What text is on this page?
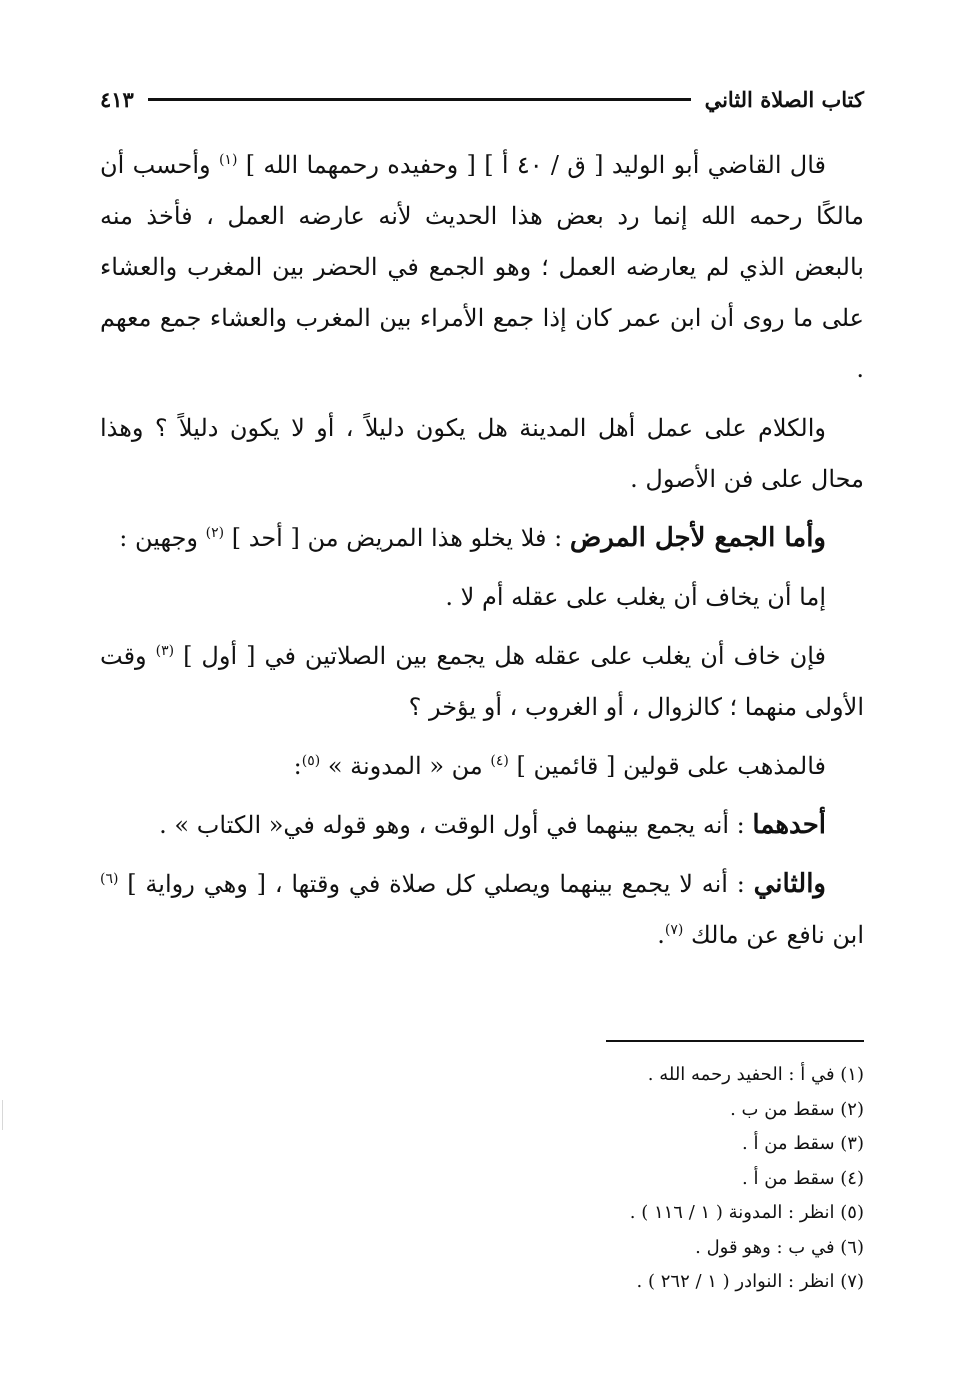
كتاب الصلاة الثاني
٤١٣

قال القاضي أبو الوليد [ ق / ٤٠ أ ] [ وحفيده رحمهما الله ] $^{(١)}$ وأحسب أن مالكًا رحمه الله إنما رد بعض هذا الحديث لأنه عارضه العمل ، فأخذ منه بالبعض الذي لم يعارضه العمل ؛ وهو الجمع في الحضر بين المغرب والعشاء على ما روى أن ابن عمر كان إذا جمع الأمراء بين المغرب والعشاء جمع معهم .

والكلام على عمل أهل المدينة هل يكون دليلاً ، أو لا يكون دليلاً ؟ وهذا محال على فن الأصول .

وأما الجمع لأجل المرض : فلا يخلو هذا المريض من [ أحد ] $^{(٢)}$ وجهين :

إما أن يخاف أن يغلب على عقله أم لا .

فإن خاف أن يغلب على عقله هل يجمع بين الصلاتين في [ أول ] $^{(٣)}$ وقت الأولى منهما ؛ كالزوال ، أو الغروب ، أو يؤخر ؟

فالمذهب على قولين [ قائمين ] $^{(٤)}$ من « المدونة » $^{(٥)}$:

أحدهما : أنه يجمع بينهما في أول الوقت ، وهو قوله في« الكتاب » .

والثاني : أنه لا يجمع بينهما ويصلي كل صلاة في وقتها ، [ وهي رواية ] $^{(٦)}$ ابن نافع عن مالك $^{(٧)}$.

(١) في أ : الحفيد رحمه الله .
(٢) سقط من ب .
(٣) سقط من أ .
(٤) سقط من أ .
(٥) انظر : المدونة ( ١ / ١١٦ ) .
(٦) في ب : وهو قول .
(٧) انظر : النوادر ( ١ / ٢٦٢ ) .
